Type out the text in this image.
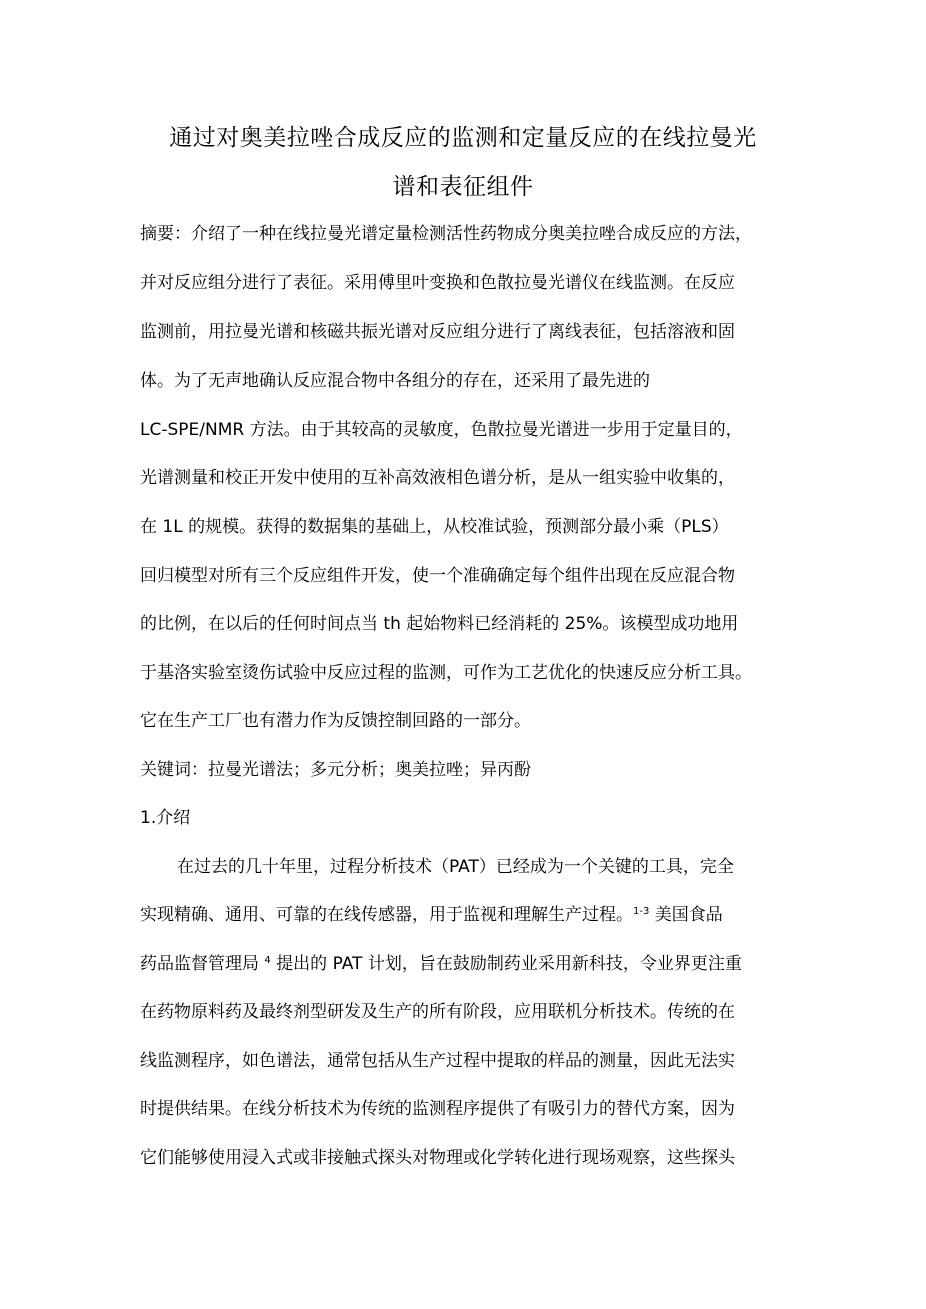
通过对奥美拉唑合成反应的监测和定量反应的在线拉曼光
谱和表征组件

摘要：介绍了一种在线拉曼光谱定量检测活性药物成分奥美拉唑合成反应的方法，

并对反应组分进行了表征。采用傅里叶变换和色散拉曼光谱仪在线监测。在反应

监测前，用拉曼光谱和核磁共振光谱对反应组分进行了离线表征，包括溶液和固

体。为了无声地确认反应混合物中各组分的存在，还采用了最先进的

LC-SPE/NMR 方法。由于其较高的灵敏度，色散拉曼光谱进一步用于定量目的，

光谱测量和校正开发中使用的互补高效液相色谱分析，是从一组实验中收集的，

在 1L 的规模。获得的数据集的基础上，从校准试验，预测部分最小乘（PLS）

回归模型对所有三个反应组件开发，使一个准确确定每个组件出现在反应混合物

的比例，在以后的任何时间点当 th 起始物料已经消耗的 25%。该模型成功地用

于基洛实验室烫伤试验中反应过程的监测，可作为工艺优化的快速反应分析工具。

它在生产工厂也有潜力作为反馈控制回路的一部分。

关键词：拉曼光谱法；多元分析；奥美拉唑；异丙酚

1.介绍

在过去的几十年里，过程分析技术（PAT）已经成为一个关键的工具，完全

实现精确、通用、可靠的在线传感器，用于监视和理解生产过程。$^{1-3}$ 美国食品

药品监督管理局 $^4$ 提出的 PAT 计划，旨在鼓励制药业采用新科技，令业界更注重

在药物原料药及最终剂型研发及生产的所有阶段，应用联机分析技术。传统的在

线监测程序，如色谱法，通常包括从生产过程中提取的样品的测量，因此无法实

时提供结果。在线分析技术为传统的监测程序提供了有吸引力的替代方案，因为

它们能够使用浸入式或非接触式探头对物理或化学转化进行现场观察，这些探头
